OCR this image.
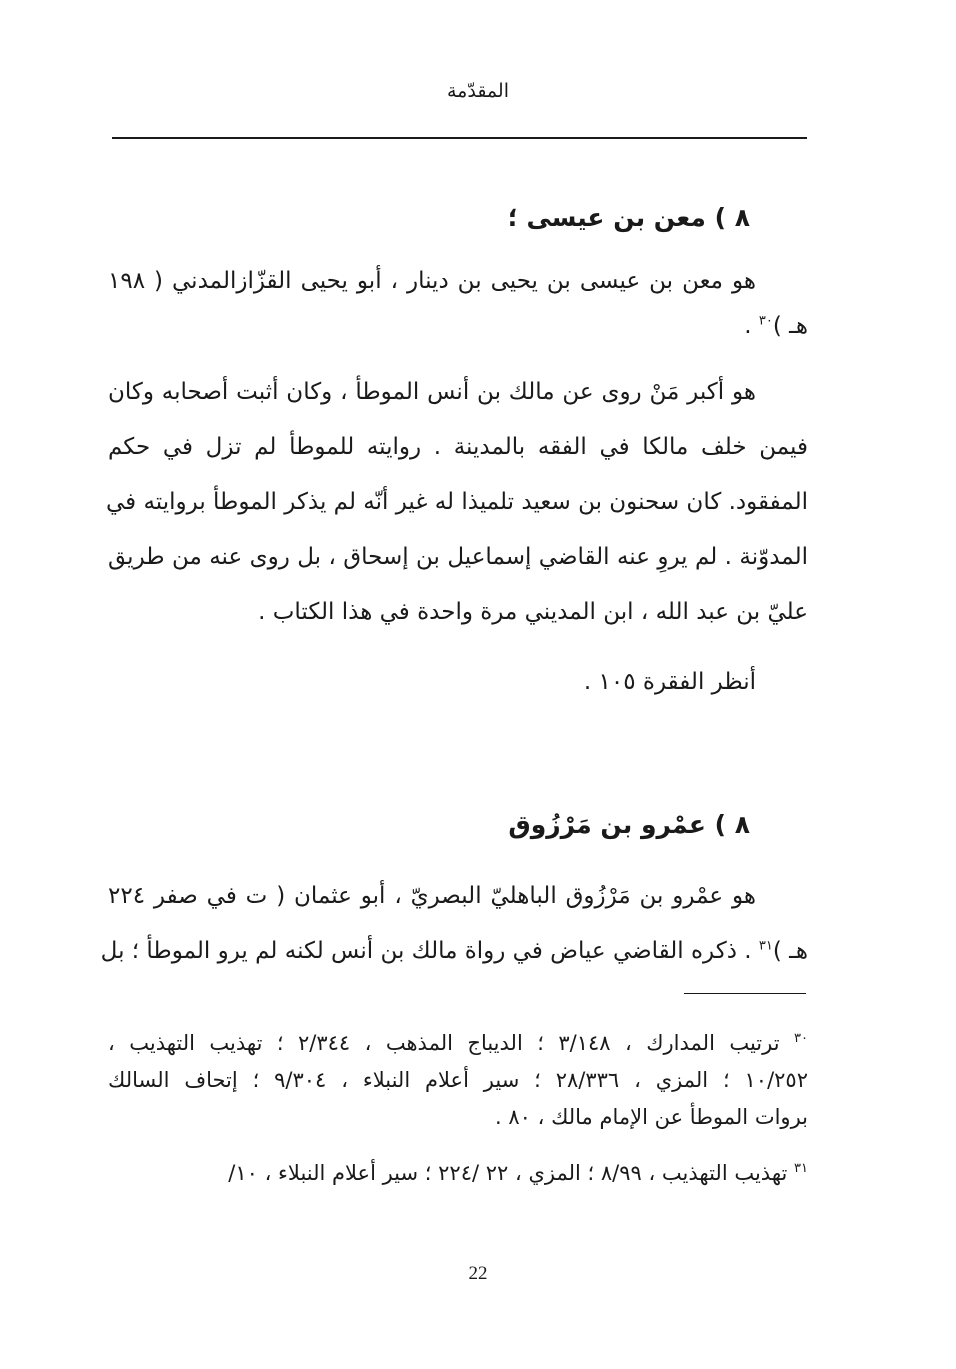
المقدّمة
٨ ) معن بن عيسى ؛
هو معن بن عيسى بن يحيى بن دينار ، أبو يحيى القزّازالمدني ( ١٩٨
هـ )$^{٣٠}$ .
هو أكبر مَنْ روى عن مالك بن أنس الموطأ ، وكان أثبت أصحابه وكان
فيمن خلف مالكا في الفقه بالمدينة . روايته للموطأ لم تزل في حكم
المفقود. كان سحنون بن سعيد تلميذا له غير أنّه لم يذكر الموطأ بروايته في
المدوّنة . لم يروِ عنه القاضي إسماعيل بن إسحاق ، بل روى عنه من طريق
عليّ بن عبد الله ، ابن المديني مرة واحدة في هذا الكتاب .
أنظر الفقرة ١٠٥ .
٨ ) عمْرو بن مَرْزُوق
هو عمْرو بن مَرْزُوق الباهليّ البصريّ ، أبو عثمان ( ت في صفر ٢٢٤
هـ )$^{٣١}$ . ذكره القاضي عياض في رواة مالك بن أنس لكنه لم يرو الموطأ ؛ بل
$^{٣٠}$ ترتيب المدارك ، ٣/١٤٨ ؛ الديباج المذهب ، ٢/٣٤٤ ؛ تهذيب التهذيب ،
١٠/٢٥٢ ؛ المزي ، ٢٨/٣٣٦ ؛ سير أعلام النبلاء ، ٩/٣٠٤ ؛ إتحاف السالك
بروات الموطأ عن الإمام مالك ، ٨٠ .
$^{٣١}$ تهذيب التهذيب ، ٨/٩٩ ؛ المزي ، ٢٢ /٢٢٤ ؛ سير أعلام النبلاء ، ١٠/
22
